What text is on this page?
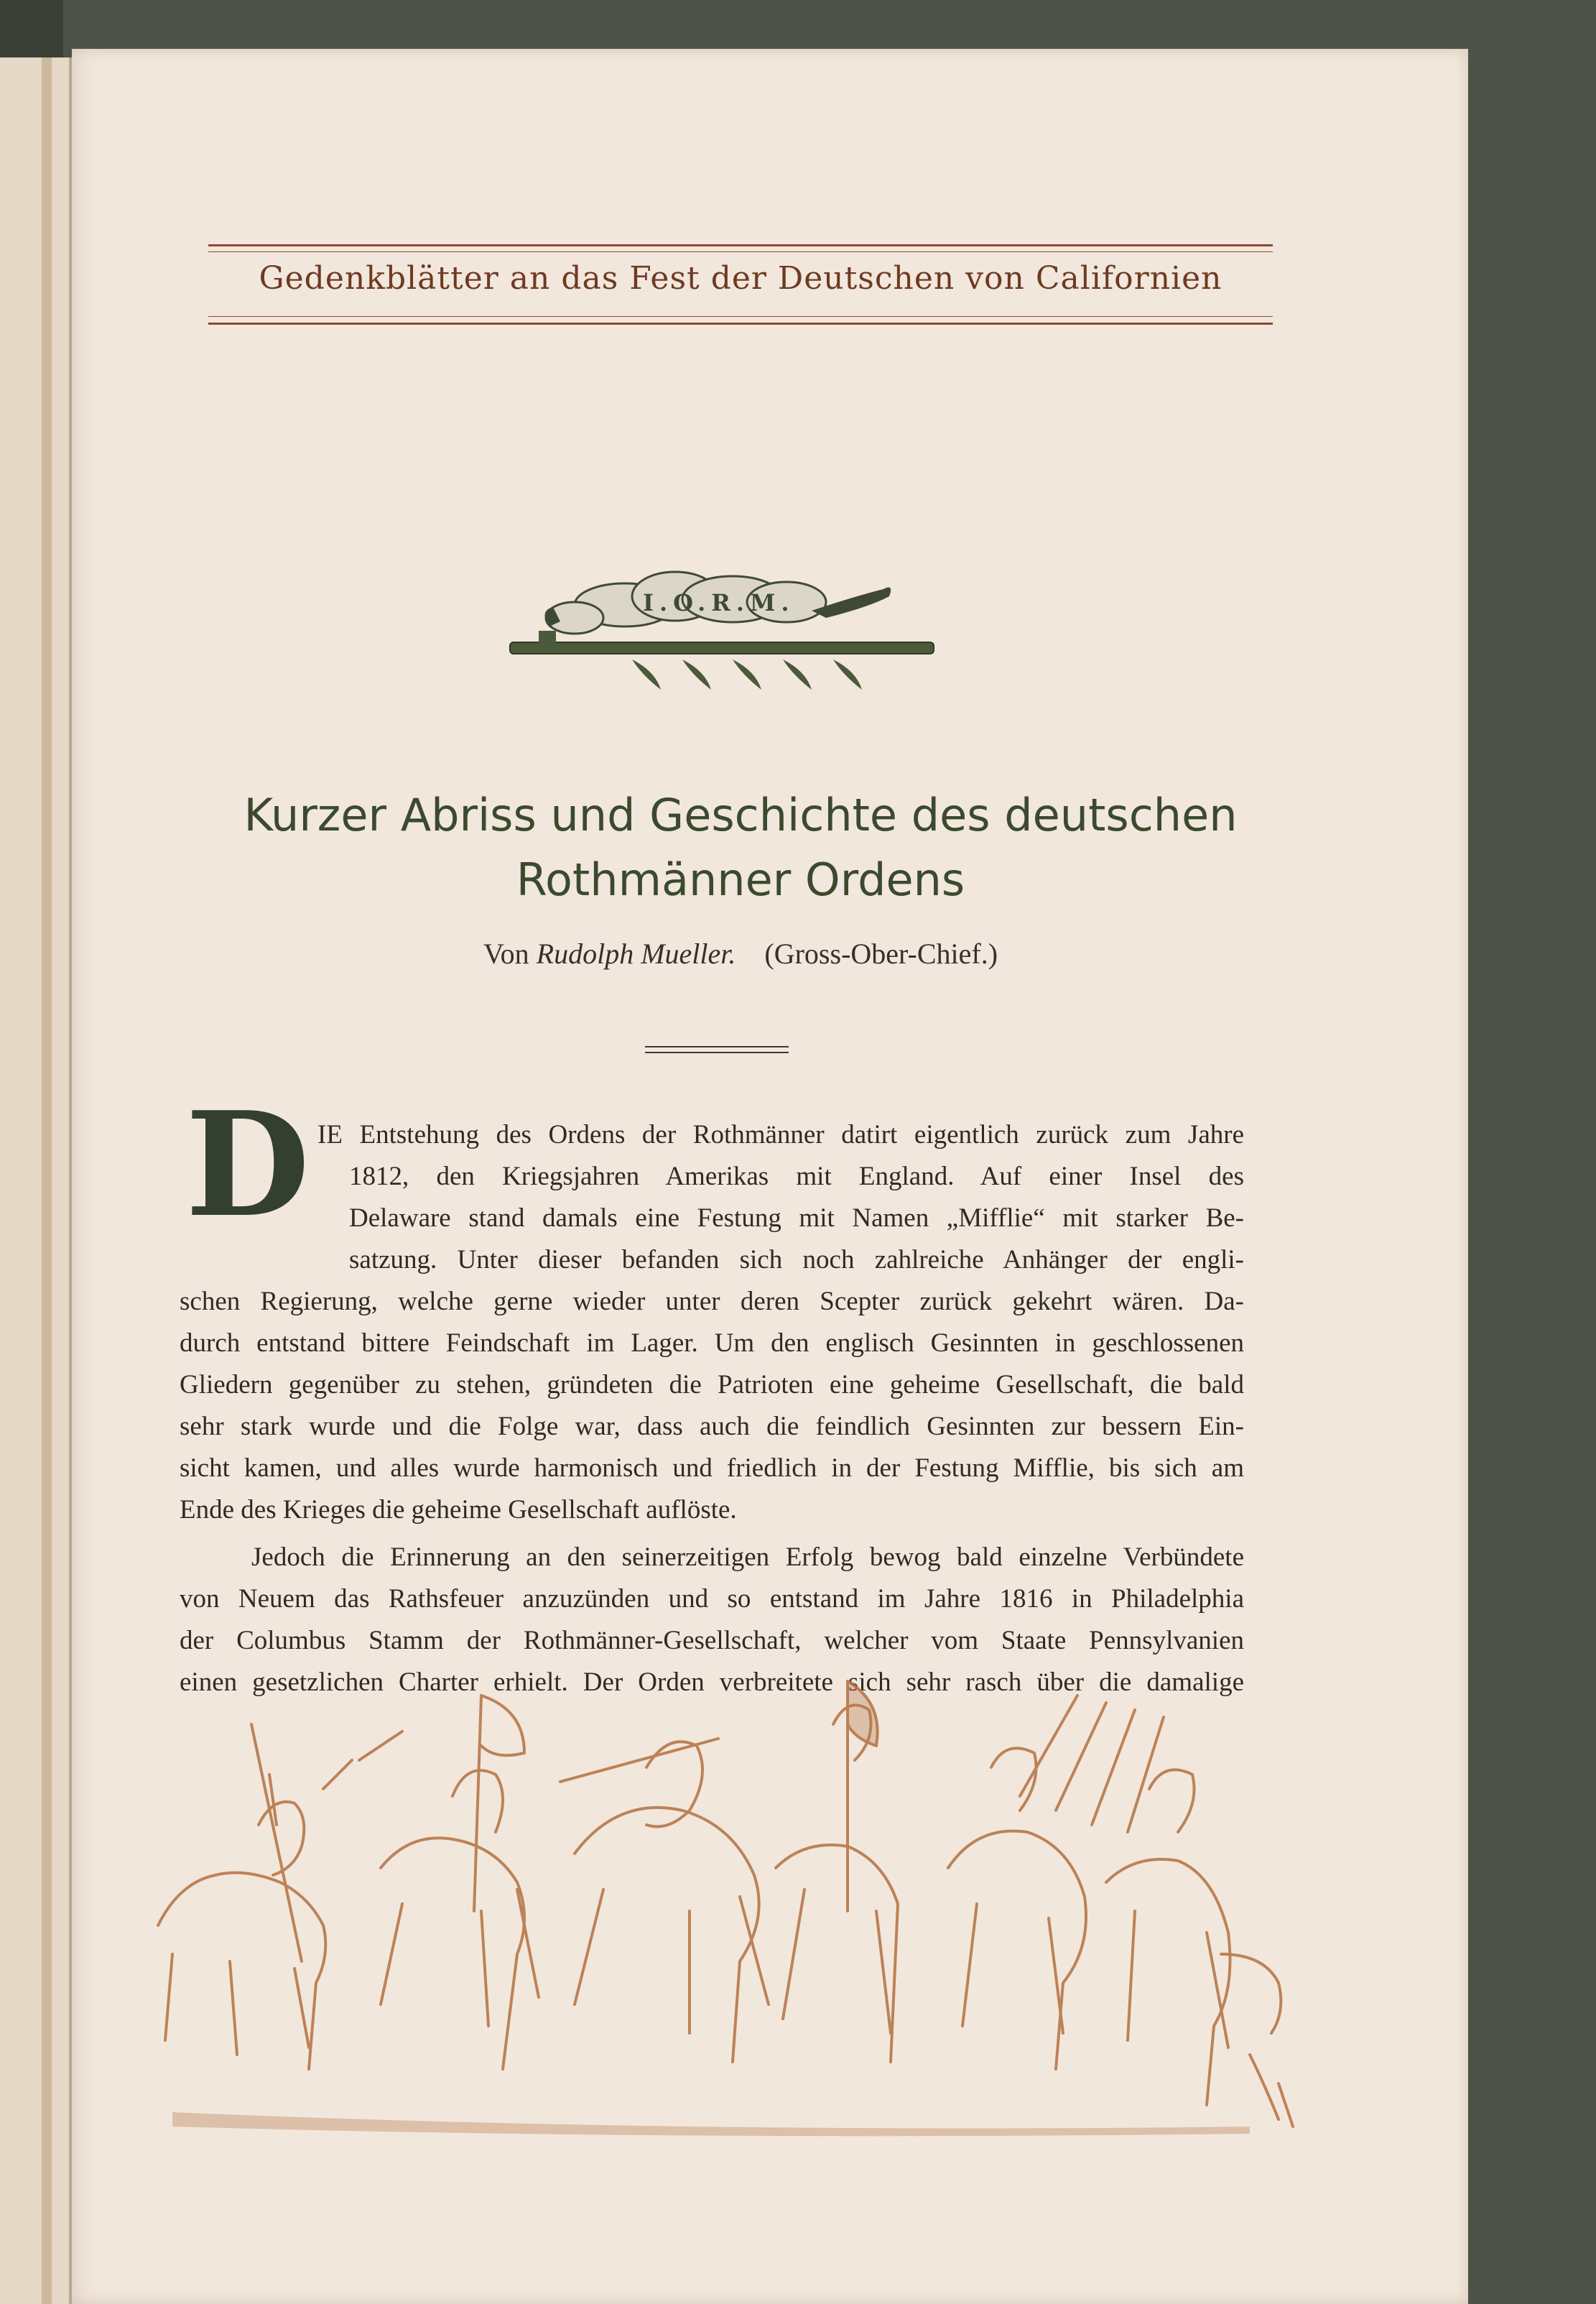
Gedenkblätter an das Fest der Deutschen von Californien
I.O.R.M.
Kurzer Abriss und Geschichte des deutschen
Rothmänner Ordens
Von Rudolph Mueller. (Gross-Ober-Chief.)
D IE Entstehung des Ordens der Rothmänner datirt eigentlich zurück zum Jahre
1812, den Kriegsjahren Amerikas mit England. Auf einer Insel des
Delaware stand damals eine Festung mit Namen „Mifflie“ mit starker Be-
satzung. Unter dieser befanden sich noch zahlreiche Anhänger der engli-
schen Regierung, welche gerne wieder unter deren Scepter zurück gekehrt wären. Da-
durch entstand bittere Feindschaft im Lager. Um den englisch Gesinnten in geschlossenen
Gliedern gegenüber zu stehen, gründeten die Patrioten eine geheime Gesellschaft, die bald
sehr stark wurde und die Folge war, dass auch die feindlich Gesinnten zur bessern Ein-
sicht kamen, und alles wurde harmonisch und friedlich in der Festung Mifflie, bis sich am
Ende des Krieges die geheime Gesellschaft auflöste.
Jedoch die Erinnerung an den seinerzeitigen Erfolg bewog bald einzelne Verbündete
von Neuem das Rathsfeuer anzuzünden und so entstand im Jahre 1816 in Philadelphia
der Columbus Stamm der Rothmänner-Gesellschaft, welcher vom Staate Pennsylvanien
einen gesetzlichen Charter erhielt. Der Orden verbreitete sich sehr rasch über die damalige
